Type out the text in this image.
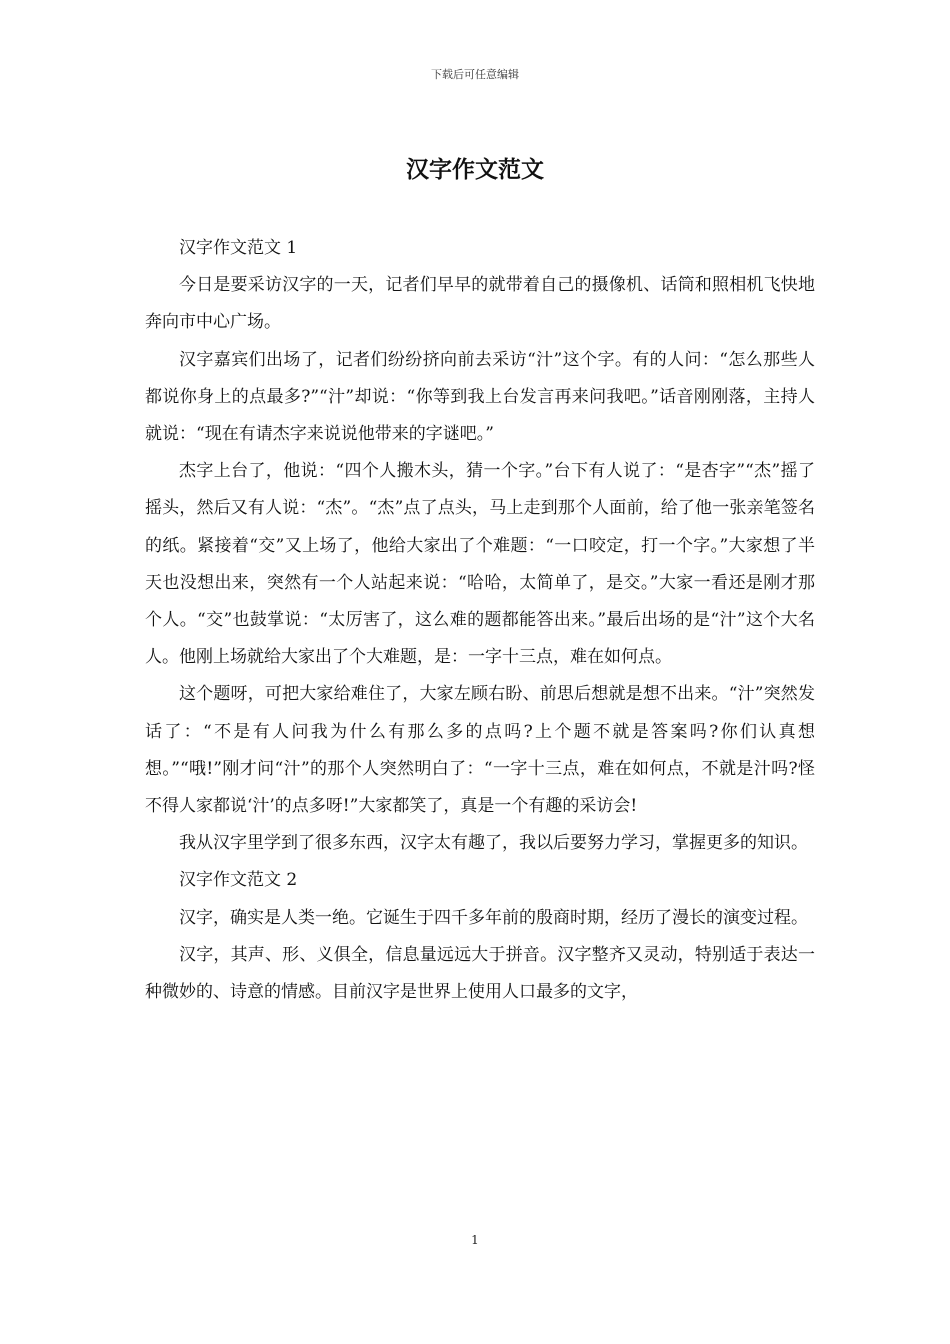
下载后可任意编辑
汉字作文范文

汉字作文范文 1

今日是要采访汉字的一天，记者们早早的就带着自己的摄像机、话筒和照相机飞快地奔向市中心广场。

汉字嘉宾们出场了，记者们纷纷挤向前去采访“汁”这个字。有的人问：“怎么那些人都说你身上的点最多?”“汁”却说：“你等到我上台发言再来问我吧。”话音刚刚落，主持人就说：“现在有请杰字来说说他带来的字谜吧。”

杰字上台了，他说：“四个人搬木头，猜一个字。”台下有人说了：“是杏字”“杰”摇了摇头，然后又有人说：“杰”。“杰”点了点头，马上走到那个人面前，给了他一张亲笔签名的纸。紧接着“交”又上场了，他给大家出了个难题：“一口咬定，打一个字。”大家想了半天也没想出来，突然有一个人站起来说：“哈哈，太简单了，是交。”大家一看还是刚才那个人。“交”也鼓掌说：“太厉害了，这么难的题都能答出来。”最后出场的是“汁”这个大名人。他刚上场就给大家出了个大难题，是：一字十三点，难在如何点。

这个题呀，可把大家给难住了，大家左顾右盼、前思后想就是想不出来。“汁”突然发话了：“不是有人问我为什么有那么多的点吗?上个题不就是答案吗?你们认真想想。”“哦!”刚才问“汁”的那个人突然明白了：“一字十三点，难在如何点，不就是汁吗?怪不得人家都说‘汁’的点多呀!”大家都笑了，真是一个有趣的采访会!

我从汉字里学到了很多东西，汉字太有趣了，我以后要努力学习，掌握更多的知识。

汉字作文范文 2

汉字，确实是人类一绝。它诞生于四千多年前的殷商时期，经历了漫长的演变过程。

汉字，其声、形、义俱全，信息量远远大于拼音。汉字整齐又灵动，特别适于表达一种微妙的、诗意的情感。目前汉字是世界上使用人口最多的文字，

1
